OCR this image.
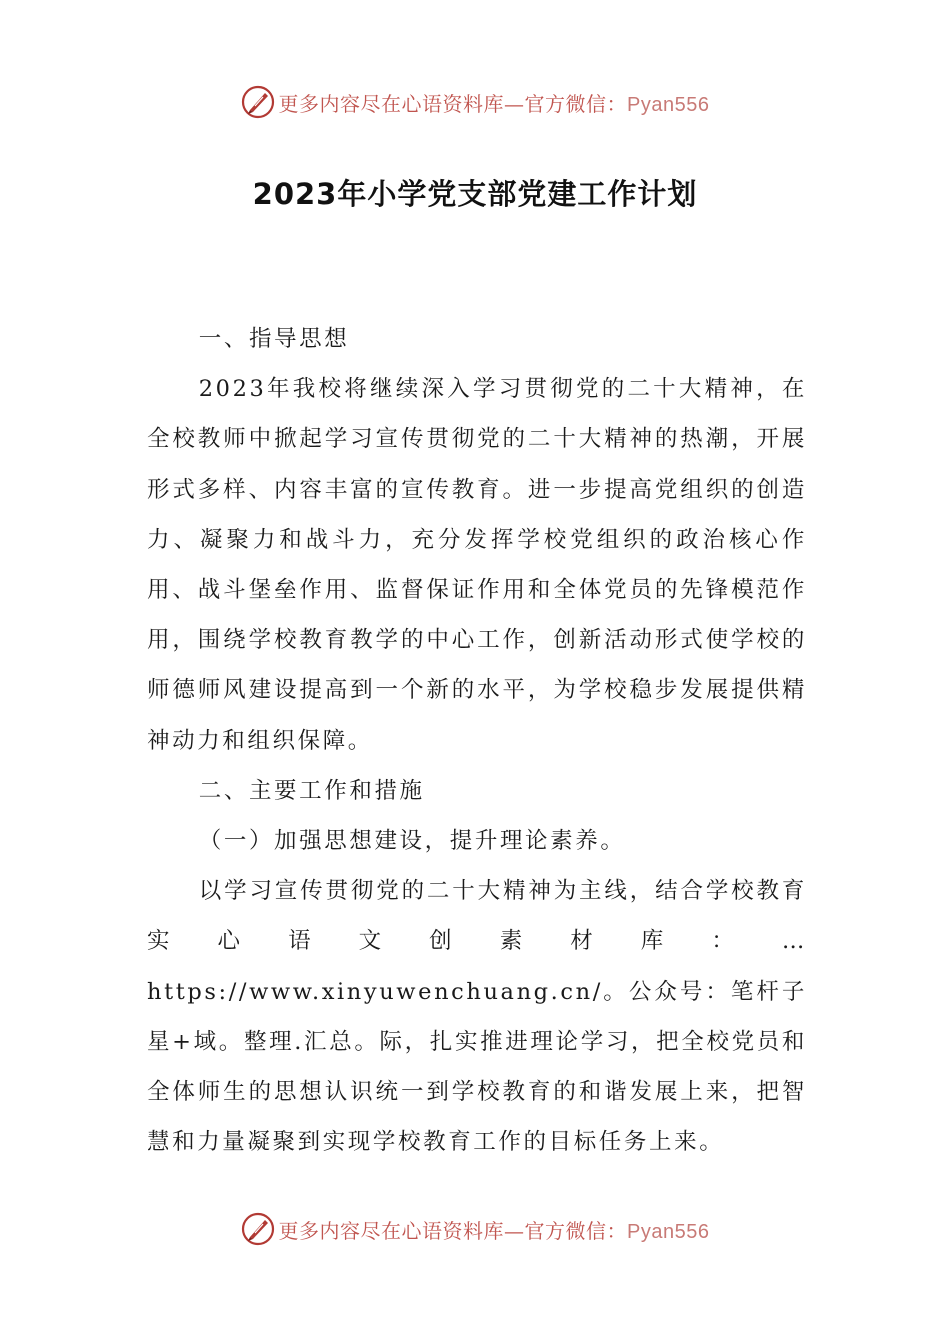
更多内容尽在心语资料库—官方微信：Pyan556
2023年小学党支部党建工作计划

一、指导思想

2023年我校将继续深入学习贯彻党的二十大精神，在全校教师中掀起学习宣传贯彻党的二十大精神的热潮，开展形式多样、内容丰富的宣传教育。进一步提高党组织的创造力、凝聚力和战斗力，充分发挥学校党组织的政治核心作用、战斗堡垒作用、监督保证作用和全体党员的先锋模范作用，围绕学校教育教学的中心工作，创新活动形式使学校的师德师风建设提高到一个新的水平，为学校稳步发展提供精神动力和组织保障。

二、主要工作和措施

（一）加强思想建设，提升理论素养。

以学习宣传贯彻党的二十大精神为主线，结合学校教育实心语文创素材库：…https://www.xinyuwenchuang.cn/。公众号：笔杆子星+域。整理.汇总。际，扎实推进理论学习，把全校党员和全体师生的思想认识统一到学校教育的和谐发展上来，把智慧和力量凝聚到实现学校教育工作的目标任务上来。

更多内容尽在心语资料库—官方微信：Pyan556
